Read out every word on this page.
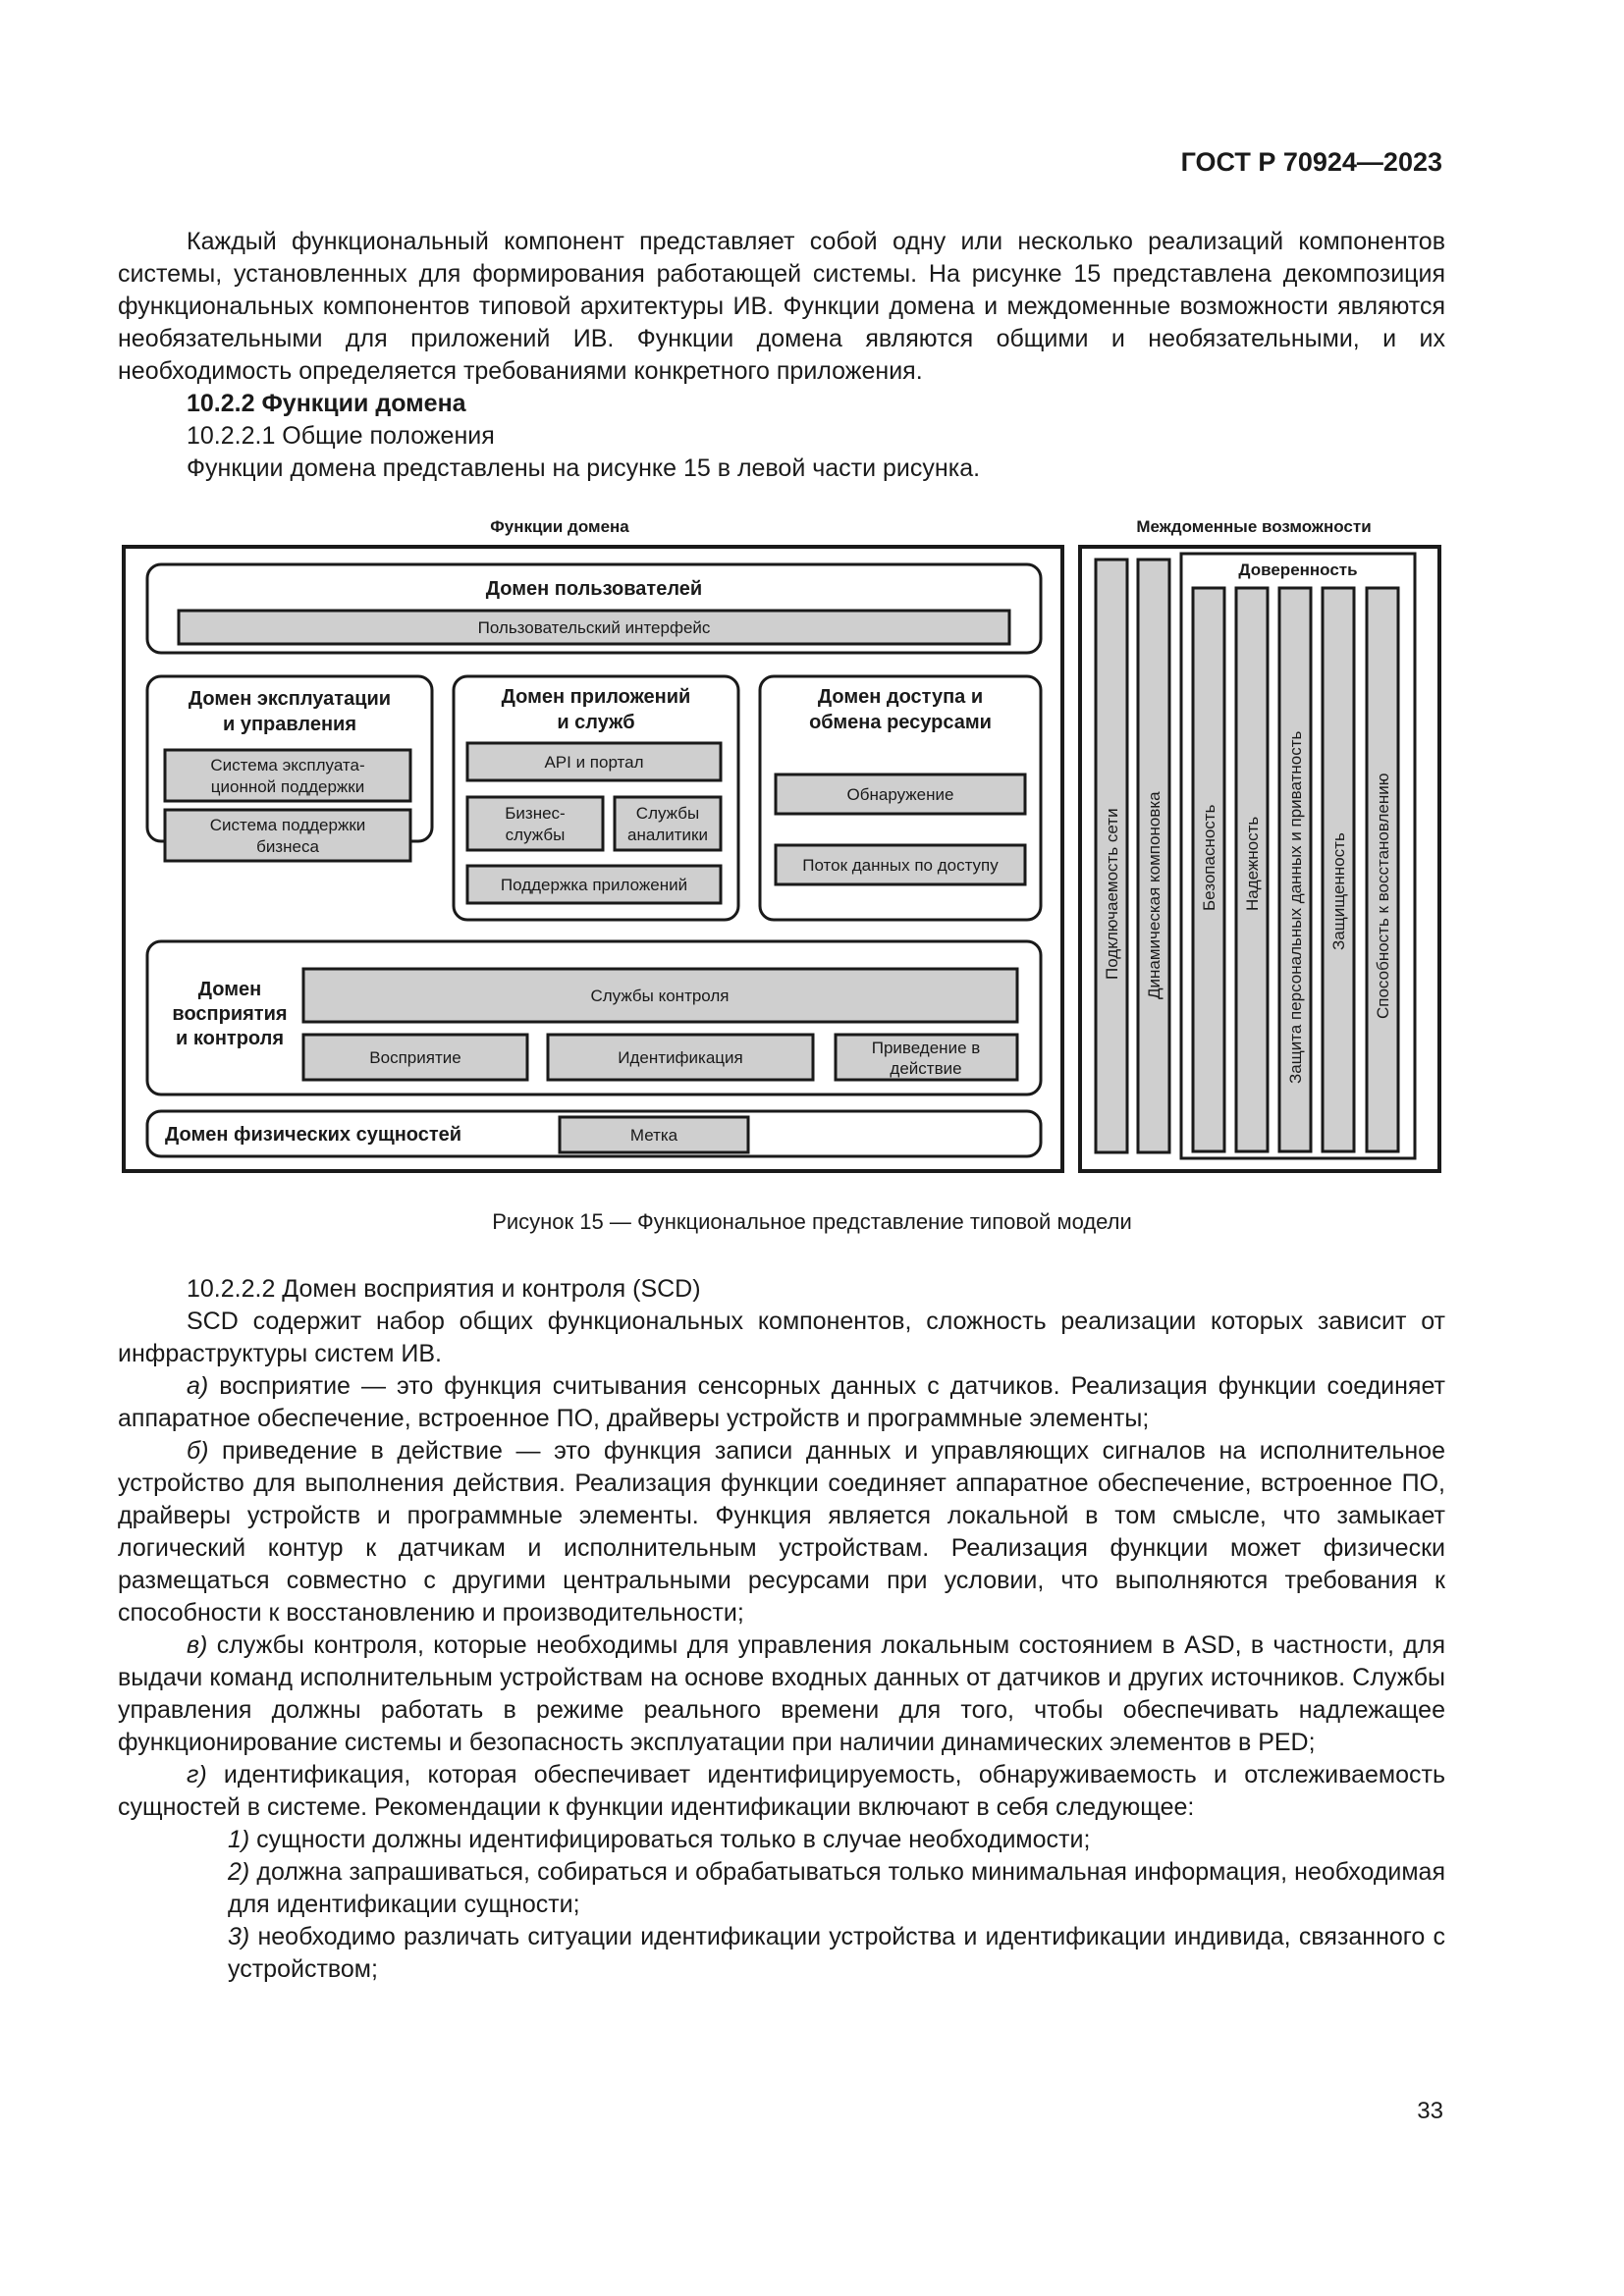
ГОСТ Р 70924—2023

Каждый функциональный компонент представляет собой одну или несколько реализаций компонентов системы, установленных для формирования работающей системы. На рисунке 15 представлена декомпозиция функциональных компонентов типовой архитектуры ИВ. Функции домена и междоменные возможности являются необязательными для приложений ИВ. Функции домена являются общими и необязательными, и их необходимость определяется требованиями конкретного приложения.

10.2.2 Функции домена

10.2.2.1 Общие положения

Функции домена представлены на рисунке 15 в левой части рисунка.

Функции домена	Междоменные возможности
Домен пользователей
Пользовательский интерфейс
Домен эксплуатации
и управления
Система эксплуата-
ционной поддержки
Система поддержки
бизнеса
Домен приложений
и служб
API и портал
Бизнес-
службы
Службы
аналитики
Поддержка приложений
Домен доступа и
обмена ресурсами
Обнаружение
Поток данных по доступу
Домен
восприятия
и контроля
Службы контроля
Восприятие	Идентификация
Приведение в
действие
Домен физических сущностей	Метка
Подключаемость сети Динамическая компоновка
Доверенность
Безопасность Надежность Защита персональных данных и приватность Защищенность Способность к восстановлению
Рисунок 15 — Функциональное представление типовой модели

10.2.2.2 Домен восприятия и контроля (SCD)

SCD содержит набор общих функциональных компонентов, сложность реализации которых зависит от инфраструктуры систем ИВ.

а) восприятие — это функция считывания сенсорных данных с датчиков. Реализация функции соединяет аппаратное обеспечение, встроенное ПО, драйверы устройств и программные элементы;

б) приведение в действие — это функция записи данных и управляющих сигналов на исполнительное устройство для выполнения действия. Реализация функции соединяет аппаратное обеспечение, встроенное ПО, драйверы устройств и программные элементы. Функция является локальной в том смысле, что замыкает логический контур к датчикам и исполнительным устройствам. Реализация функции может физически размещаться совместно с другими центральными ресурсами при условии, что выполняются требования к способности к восстановлению и производительности;

в) службы контроля, которые необходимы для управления локальным состоянием в ASD, в частности, для выдачи команд исполнительным устройствам на основе входных данных от датчиков и других источников. Службы управления должны работать в режиме реального времени для того, чтобы обеспечивать надлежащее функционирование системы и безопасность эксплуатации при наличии динамических элементов в PED;

г) идентификация, которая обеспечивает идентифицируемость, обнаруживаемость и отслеживаемость сущностей в системе. Рекомендации к функции идентификации включают в себя следующее:

1) сущности должны идентифицироваться только в случае необходимости;

2) должна запрашиваться, собираться и обрабатываться только минимальная информация, необходимая для идентификации сущности;

3) необходимо различать ситуации идентификации устройства и идентификации индивида, связанного с устройством;

33
